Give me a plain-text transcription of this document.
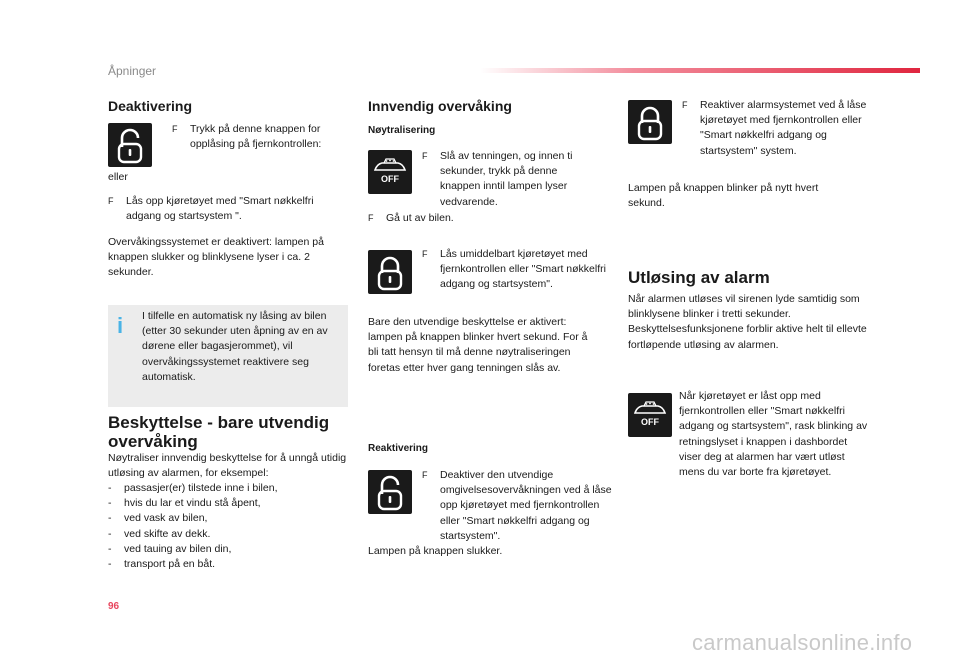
Åpninger
Deaktivering
F Trykk på denne knappen for opplåsing på fjernkontrollen:
eller
F Lås opp kjøretøyet med "Smart nøkkelfri adgang og startsystem ".
Overvåkingssystemet er deaktivert: lampen på knappen slukker og blinklysene lyser i ca. 2 sekunder.
i	I tilfelle en automatisk ny låsing av bilen (etter 30 sekunder uten åpning av en av dørene eller bagasjerommet), vil overvåkingssystemet reaktivere seg automatisk.
Beskyttelse - bare utvendig overvåking
Nøytraliser innvendig beskyttelse for å unngå utidig utløsing av alarmen, for eksempel:
- passasjer(er) tilstede inne i bilen,
- hvis du lar et vindu stå åpent,
- ved vask av bilen,
- ved skifte av dekk.
- ved tauing av bilen din,
- transport på en båt.
Innvendig overvåking
Nøytralisering
OFF
F Slå av tenningen, og innen ti sekunder, trykk på denne knappen inntil lampen lyser vedvarende.
F Gå ut av bilen.
F Lås umiddelbart kjøretøyet med fjernkontrollen eller "Smart nøkkelfri adgang og startsystem".
Bare den utvendige beskyttelse er aktivert: lampen på knappen blinker hvert sekund. For å bli tatt hensyn til må denne nøytraliseringen foretas etter hver gang tenningen slås av.
Reaktivering
F Deaktiver den utvendige omgivelsesovervåkningen ved å låse opp kjøretøyet med fjernkontrollen eller "Smart nøkkelfri adgang og startsystem".
Lampen på knappen slukker.
F Reaktiver alarmsystemet ved å låse kjøretøyet med fjernkontrollen eller "Smart nøkkelfri adgang og startsystem" system.
Lampen på knappen blinker på nytt hvert sekund.
Utløsing av alarm
Når alarmen utløses vil sirenen lyde samtidig som blinklysene blinker i tretti sekunder. Beskyttelsesfunksjonene forblir aktive helt til ellevte fortløpende utløsing av alarmen.
OFF
Når kjøretøyet er låst opp med fjernkontrollen eller "Smart nøkkelfri adgang og startsystem", rask blinking av retningslyset i knappen i dashbordet viser deg at alarmen har vært utløst mens du var borte fra kjøretøyet.
96
carmanualsonline.info
